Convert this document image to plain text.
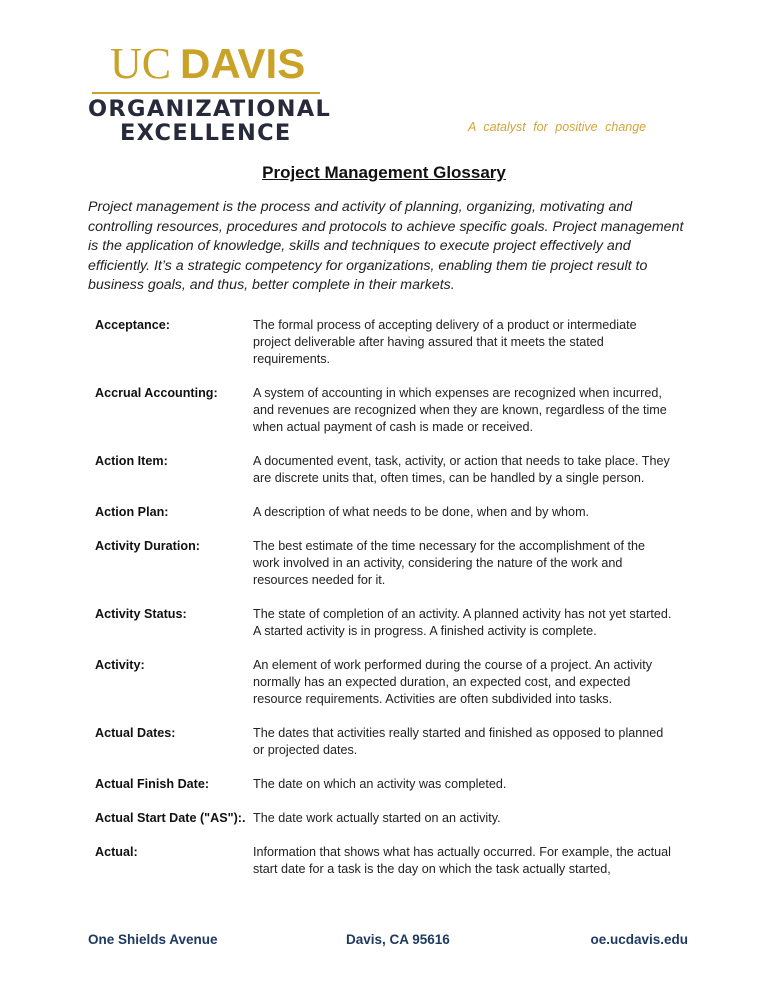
UC DAVIS
ORGANIZATIONAL
EXCELLENCE	A catalyst for positive change
Project Management Glossary
Project management is the process and activity of planning, organizing, motivating and controlling resources, procedures and protocols to achieve specific goals. Project management is the application of knowledge, skills and techniques to execute project effectively and efficiently. It’s a strategic competency for organizations, enabling them tie project result to business goals, and thus, better complete in their markets.
Acceptance:	The formal process of accepting delivery of a product or intermediate project deliverable after having assured that it meets the stated requirements.
Accrual Accounting:	A system of accounting in which expenses are recognized when incurred, and revenues are recognized when they are known, regardless of the time when actual payment of cash is made or received.
Action Item:	A documented event, task, activity, or action that needs to take place. They are discrete units that, often times, can be handled by a single person.
Action Plan:	A description of what needs to be done, when and by whom.
Activity Duration:	The best estimate of the time necessary for the accomplishment of the work involved in an activity, considering the nature of the work and resources needed for it.
Activity Status:	The state of completion of an activity. A planned activity has not yet started. A started activity is in progress. A finished activity is complete.
Activity:	An element of work performed during the course of a project. An activity normally has an expected duration, an expected cost, and expected resource requirements. Activities are often subdivided into tasks.
Actual Dates:	The dates that activities really started and finished as opposed to planned or projected dates.
Actual Finish Date:	The date on which an activity was completed.
Actual Start Date ("AS"):. The date work actually started on an activity.
Actual:	Information that shows what has actually occurred. For example, the actual start date for a task is the day on which the task actually started,
One Shields Avenue	Davis, CA 95616	oe.ucdavis.edu
